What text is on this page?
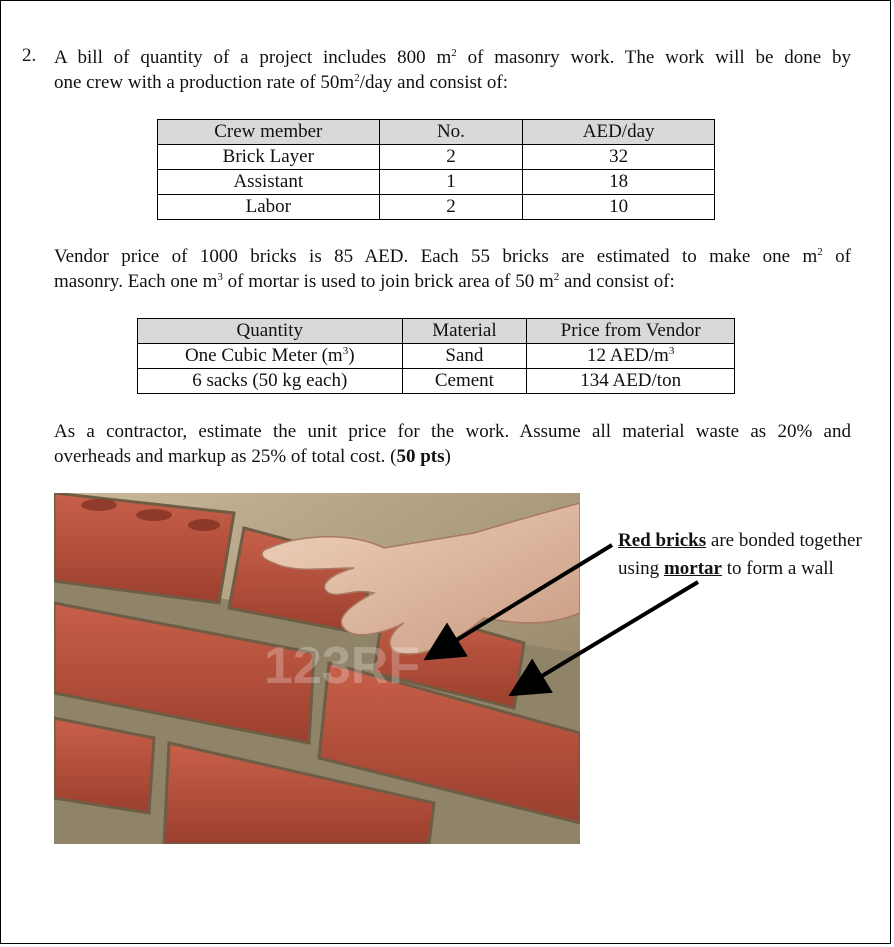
2. A bill of quantity of a project includes 800 $m^2$ of masonry work. The work will be done by
one crew with a production rate of $50m^2$/day and consist of:
Crew member	No.	AED/day
Brick Layer	2	32
Assistant	1	18
Labor	2	10
Vendor price of 1000 bricks is 85 AED. Each 55 bricks are estimated to make one $m^2$ of
masonry. Each one $m^3$ of mortar is used to join brick area of 50 $m^2$ and consist of:
Quantity	Material	Price from Vendor
One Cubic Meter $(m^3)$	Sand	12 AED/$m^3$
6 sacks (50 kg each)	Cement	134 AED/ton
As a contractor, estimate the unit price for the work. Assume all material waste as 20% and
overheads and markup as 25% of total cost. (50 pts)
123RF
Red bricks are bonded together
using mortar to form a wall
